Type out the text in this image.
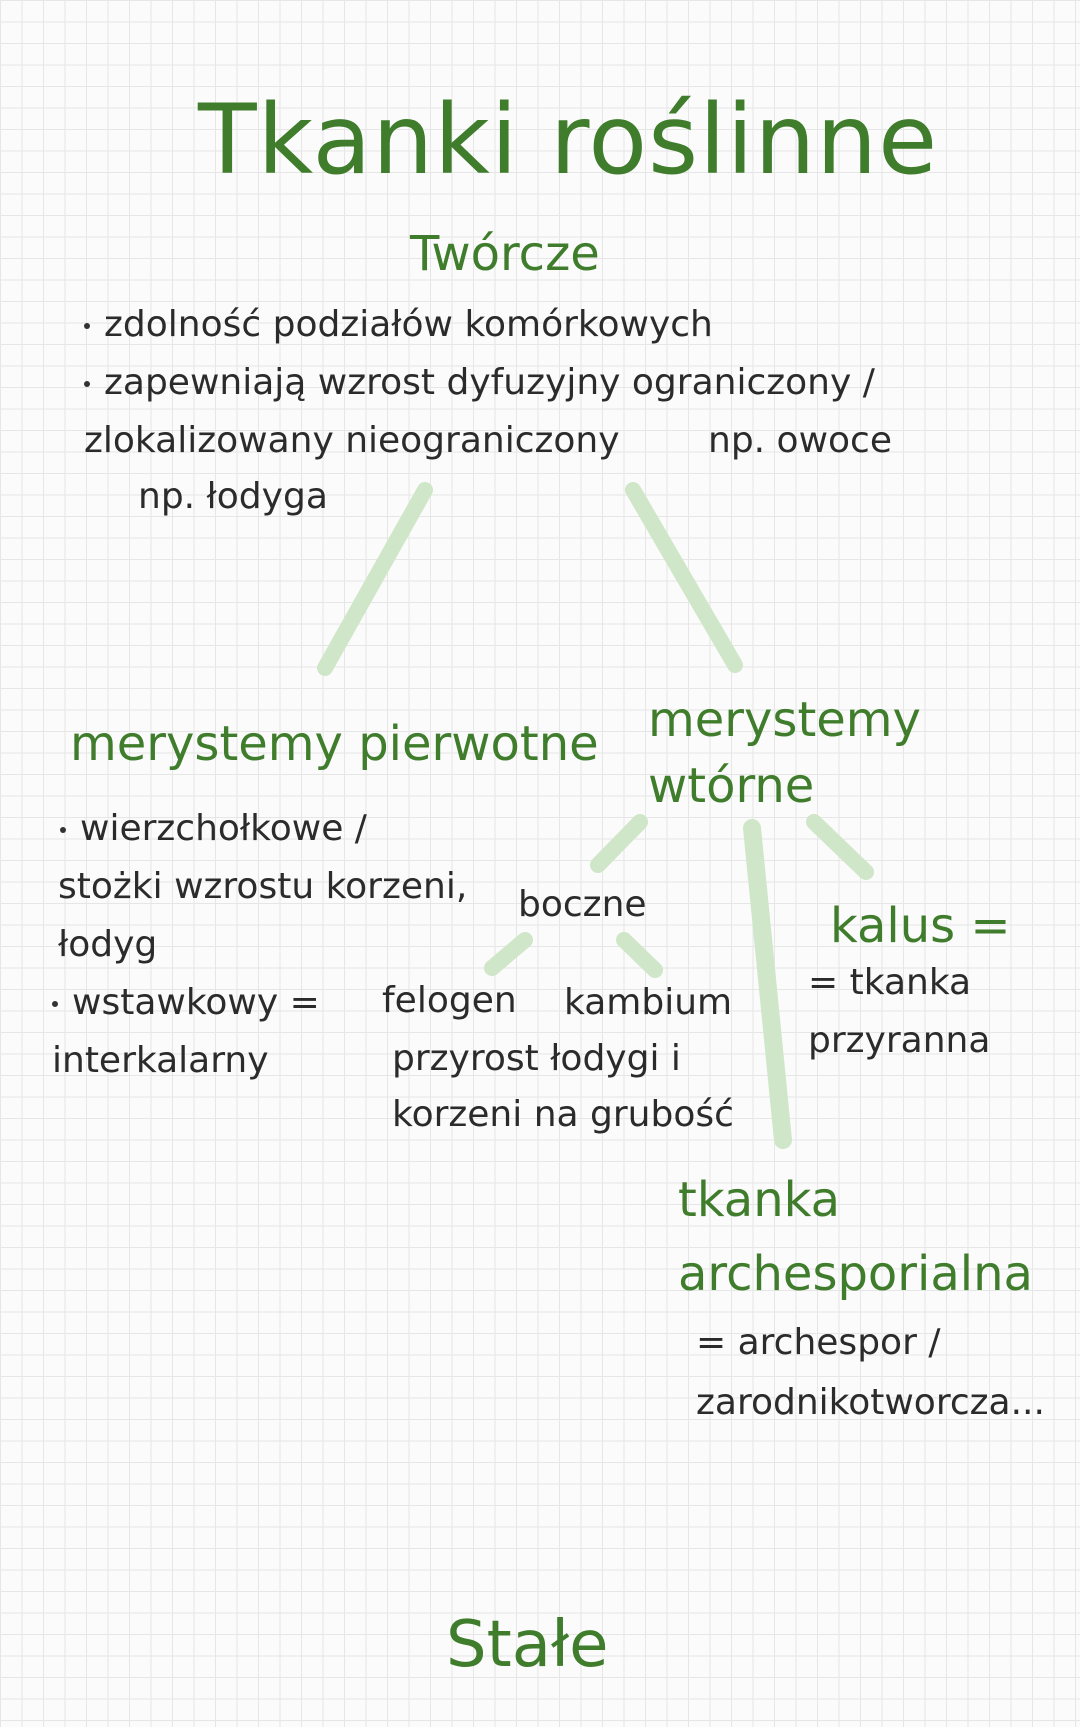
Tkanki roślinne
Twórcze
zdolność podziałów komórkowych
zapewniają wzrost dyfuzyjny ograniczony /
zlokalizowany nieograniczony np. owoce
np. łodyga
merystemy pierwotne
wierzchołkowe /
stożki wzrostu korzeni,
łodyg
wstawkowy =
interkalarny
merystemy
wtórne
boczne
felogen kambium
przyrost łodygi i
korzeni na grubość
kalus =
= tkanka
przyranna
tkanka
archesporialna
= archespor /
zarodnikotworcza...
Stałe
